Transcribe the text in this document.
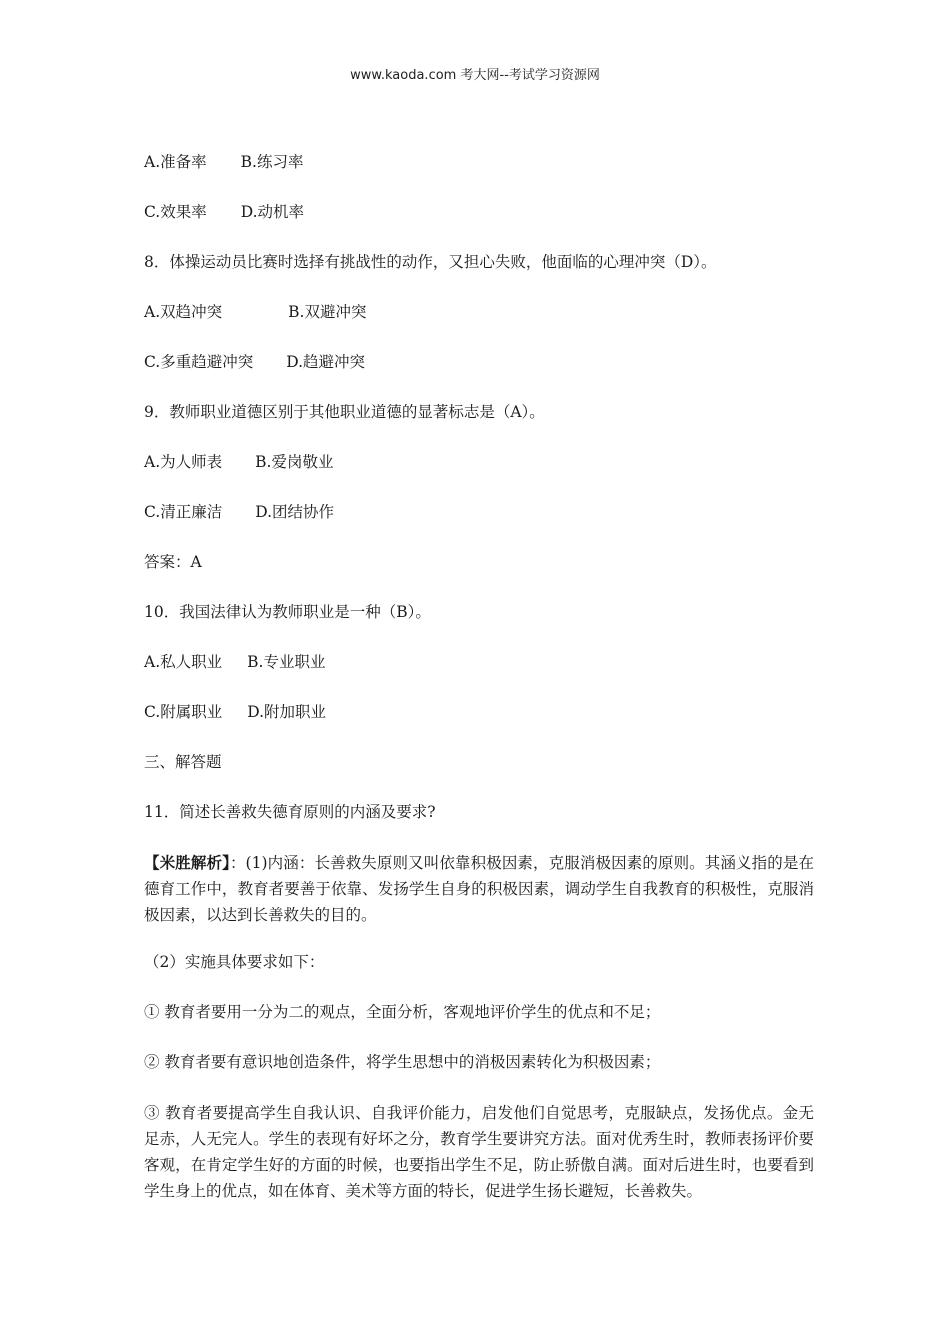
www.kaoda.com 考大网--考试学习资源网

A.准备率 B.练习率

C.效果率 D.动机率

8．体操运动员比赛时选择有挑战性的动作，又担心失败，他面临的心理冲突（D）。

A.双趋冲突	B.双避冲突

C.多重趋避冲突 D.趋避冲突

9．教师职业道德区别于其他职业道德的显著标志是（A）。

A.为人师表 B.爱岗敬业

C.清正廉洁 D.团结协作

答案：A

10．我国法律认为教师职业是一种（B）。

A.私人职业 B.专业职业

C.附属职业 D.附加职业

三、解答题

11．简述长善救失德育原则的内涵及要求?

【米胜解析】：(1)内涵：长善救失原则又叫依靠积极因素，克服消极因素的原则。其涵义指的是在德育工作中，教育者要善于依靠、发扬学生自身的积极因素，调动学生自我教育的积极性，克服消极因素，以达到长善救失的目的。

（2）实施具体要求如下：

① 教育者要用一分为二的观点，全面分析，客观地评价学生的优点和不足；

② 教育者要有意识地创造条件，将学生思想中的消极因素转化为积极因素；

③ 教育者要提高学生自我认识、自我评价能力，启发他们自觉思考，克服缺点，发扬优点。金无足赤，人无完人。学生的表现有好坏之分，教育学生要讲究方法。面对优秀生时，教师表扬评价要客观，在肯定学生好的方面的时候，也要指出学生不足，防止骄傲自满。面对后进生时，也要看到学生身上的优点，如在体育、美术等方面的特长，促进学生扬长避短，长善救失。
